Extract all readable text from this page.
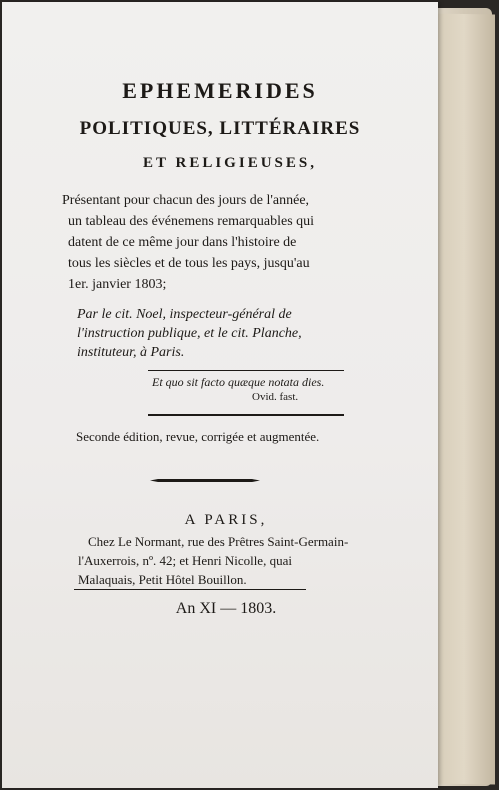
EPHEMERIDES
POLITIQUES, LITTÉRAIRES
ET RELIGIEUSES,
Présentant pour chacun des jours de l'année,
un tableau des événemens remarquables qui
datent de ce même jour dans l'histoire de
tous les siècles et de tous les pays, jusqu'au
1er. janvier 1803;
Par le cit. Noel, inspecteur-général de
l'instruction publique, et le cit. Planche,
instituteur, à Paris.
Et quo sit facto quæque notata dies.
Ovid. fast.
Seconde édition, revue, corrigée et augmentée.
A PARIS,
Chez Le Normant, rue des Prêtres Saint-Germain-
l'Auxerrois, nº. 42; et Henri Nicolle, quai
Malaquais, Petit Hôtel Bouillon.
An XI — 1803.
